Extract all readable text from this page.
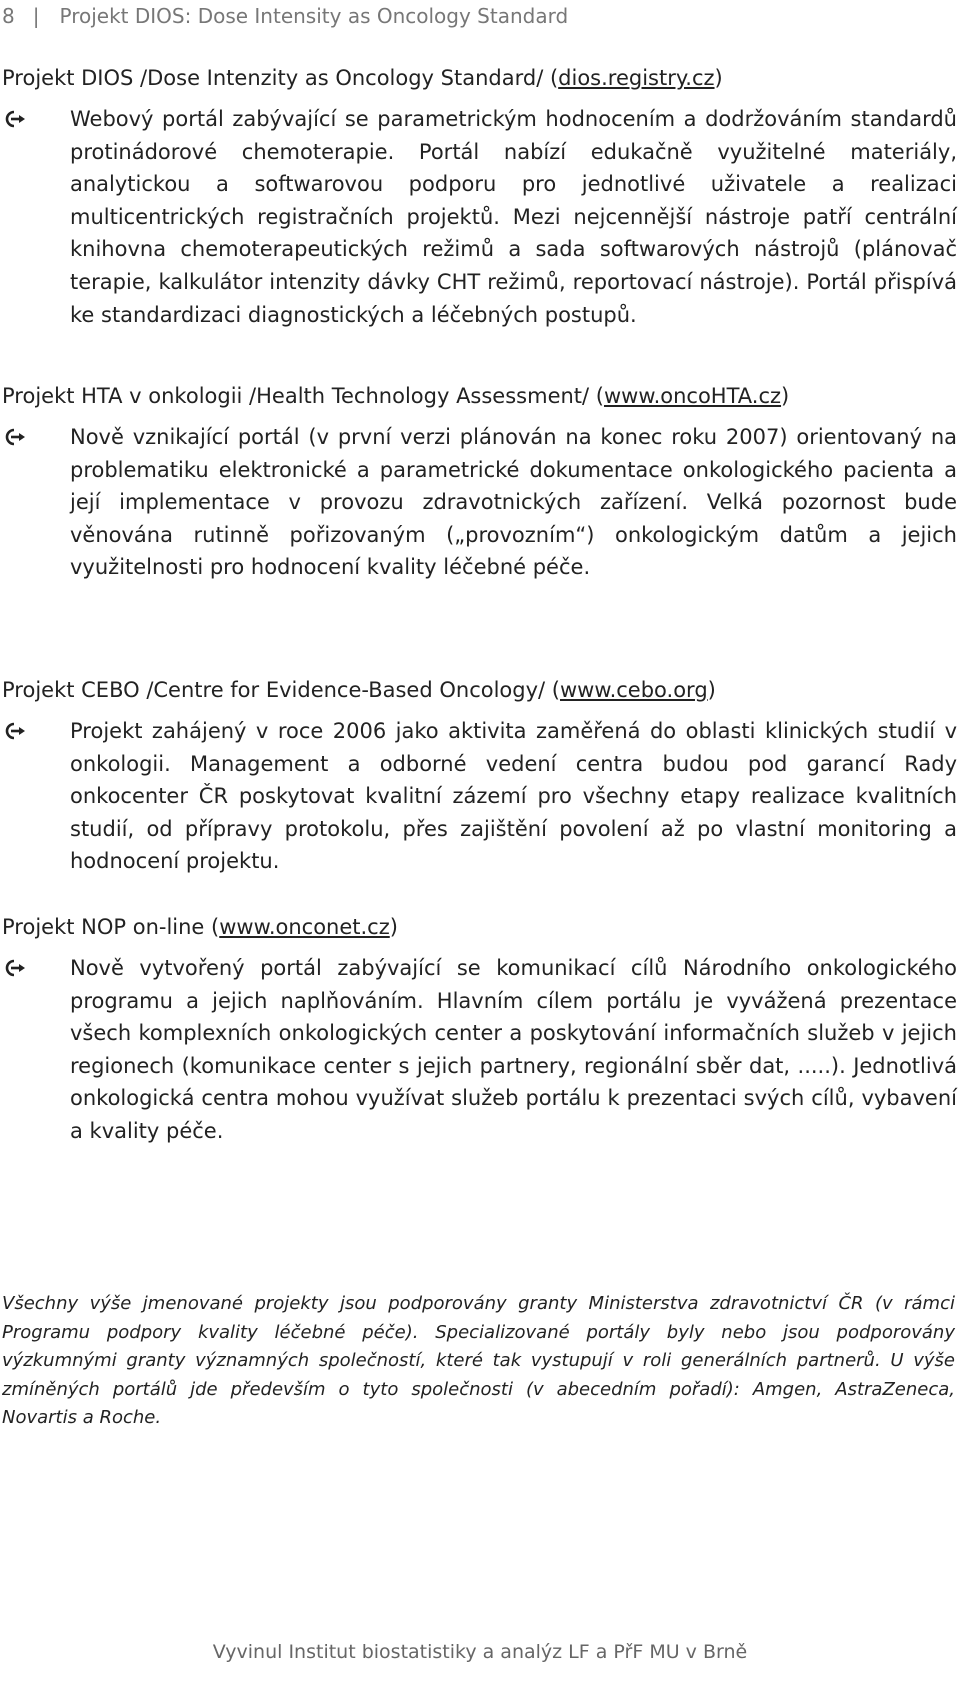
8 | Projekt DIOS: Dose Intensity as Oncology Standard
Projekt DIOS /Dose Intenzity as Oncology Standard/ (dios.registry.cz)
Webový portál zabývající se parametrickým hodnocením a dodržováním standardů protinádorové chemoterapie. Portál nabízí edukačně využitelné materiály, analytickou a softwarovou podporu pro jednotlivé uživatele a realizaci multicentrických registračních projektů. Mezi nejcennější nástroje patří centrální knihovna chemoterapeutických režimů a sada softwarových nástrojů (plánovač terapie, kalkulátor intenzity dávky CHT režimů, reportovací nástroje). Portál přispívá ke standardizaci diagnostických a léčebných postupů.
Projekt HTA v onkologii /Health Technology Assessment/ (www.oncoHTA.cz)
Nově vznikající portál (v první verzi plánován na konec roku 2007) orientovaný na problematiku elektronické a parametrické dokumentace onkologického pacienta a její implementace v provozu zdravotnických zařízení. Velká pozornost bude věnována rutinně pořizovaným („provozním“) onkologickým datům a jejich využitelnosti pro hodnocení kvality léčebné péče.
Projekt CEBO /Centre for Evidence-Based Oncology/ (www.cebo.org)
Projekt zahájený v roce 2006 jako aktivita zaměřená do oblasti klinických studií v onkologii. Management a odborné vedení centra budou pod garancí Rady onkocenter ČR poskytovat kvalitní zázemí pro všechny etapy realizace kvalitních studií, od přípravy protokolu, přes zajištění povolení až po vlastní monitoring a hodnocení projektu.
Projekt NOP on-line (www.onconet.cz)
Nově vytvořený portál zabývající se komunikací cílů Národního onkologického programu a jejich naplňováním. Hlavním cílem portálu je vyvážená prezentace všech komplexních onkologických center a poskytování informačních služeb v jejich regionech (komunikace center s jejich partnery, regionální sběr dat, .....). Jednotlivá onkologická centra mohou využívat služeb portálu k prezentaci svých cílů, vybavení a kvality péče.
Všechny výše jmenované projekty jsou podporovány granty Ministerstva zdravotnictví ČR (v rámci Programu podpory kvality léčebné péče). Specializované portály byly nebo jsou podporovány výzkumnými granty významných společností, které tak vystupují v roli generálních partnerů. U výše zmíněných portálů jde především o tyto společnosti (v abecedním pořadí): Amgen, AstraZeneca, Novartis a Roche.
Vyvinul Institut biostatistiky a analýz LF a PřF MU v Brně
